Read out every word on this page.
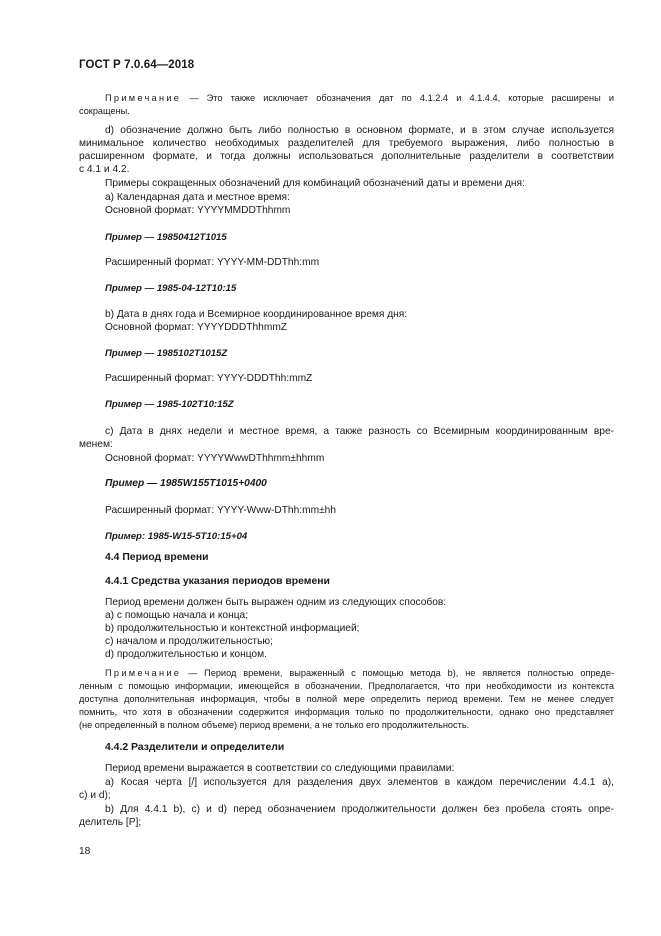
ГОСТ Р 7.0.64—2018
Примечание — Это также исключает обозначения дат по 4.1.2.4 и 4.1.4.4, которые расширены и
сокращены.
d) обозначение должно быть либо полностью в основном формате, и в этом случае используется
минимальное количество необходимых разделителей для требуемого выражения, либо полностью в
расширенном формате, и тогда должны использоваться дополнительные разделители в соответствии
с 4.1 и 4.2.
Примеры сокращенных обозначений для комбинаций обозначений даты и времени дня:
а) Календарная дата и местное время:
Основной формат: YYYYMMDDThhmm
Пример — 19850412T1015
Расширенный формат: YYYY-MM-DDThh:mm
Пример — 1985-04-12T10:15
b) Дата в днях года и Всемирное координированное время дня:
Основной формат: YYYYDDDThhmmZ
Пример — 1985102T1015Z
Расширенный формат: YYYY-DDDThh:mmZ
Пример — 1985-102T10:15Z
c) Дата в днях недели и местное время, а также разность со Всемирным координированным вре-
менем:
Основной формат: YYYYWwwDThhmm±hhmm
Пример — 1985W155T1015+0400
Расширенный формат: YYYY-Www-DThh:mm±hh
Пример: 1985-W15-5T10:15+04
4.4 Период времени
4.4.1 Средства указания периодов времени
Период времени должен быть выражен одним из следующих способов:
а) с помощью начала и конца;
b) продолжительностью и контекстной информацией;
c) началом и продолжительностью;
d) продолжительностью и концом.
Примечание — Период времени, выраженный с помощью метода b), не является полностью опреде-
ленным с помощью информации, имеющейся в обозначении. Предполагается, что при необходимости из контекста
доступна дополнительная информация, чтобы в полной мере определить период времени. Тем не менее следует
помнить, что хотя в обозначении содержится информация только по продолжительности, однако оно представляет
(не определенный в полном объеме) период времени, а не только его продолжительность.
4.4.2 Разделители и определители
Период времени выражается в соответствии со следующими правилами:
а) Косая черта [/] используется для разделения двух элементов в каждом перечислении 4.4.1 а),
c) и d);
b) Для 4.4.1 b), c) и d) перед обозначением продолжительности должен без пробела стоять опре-
делитель [P];
18
